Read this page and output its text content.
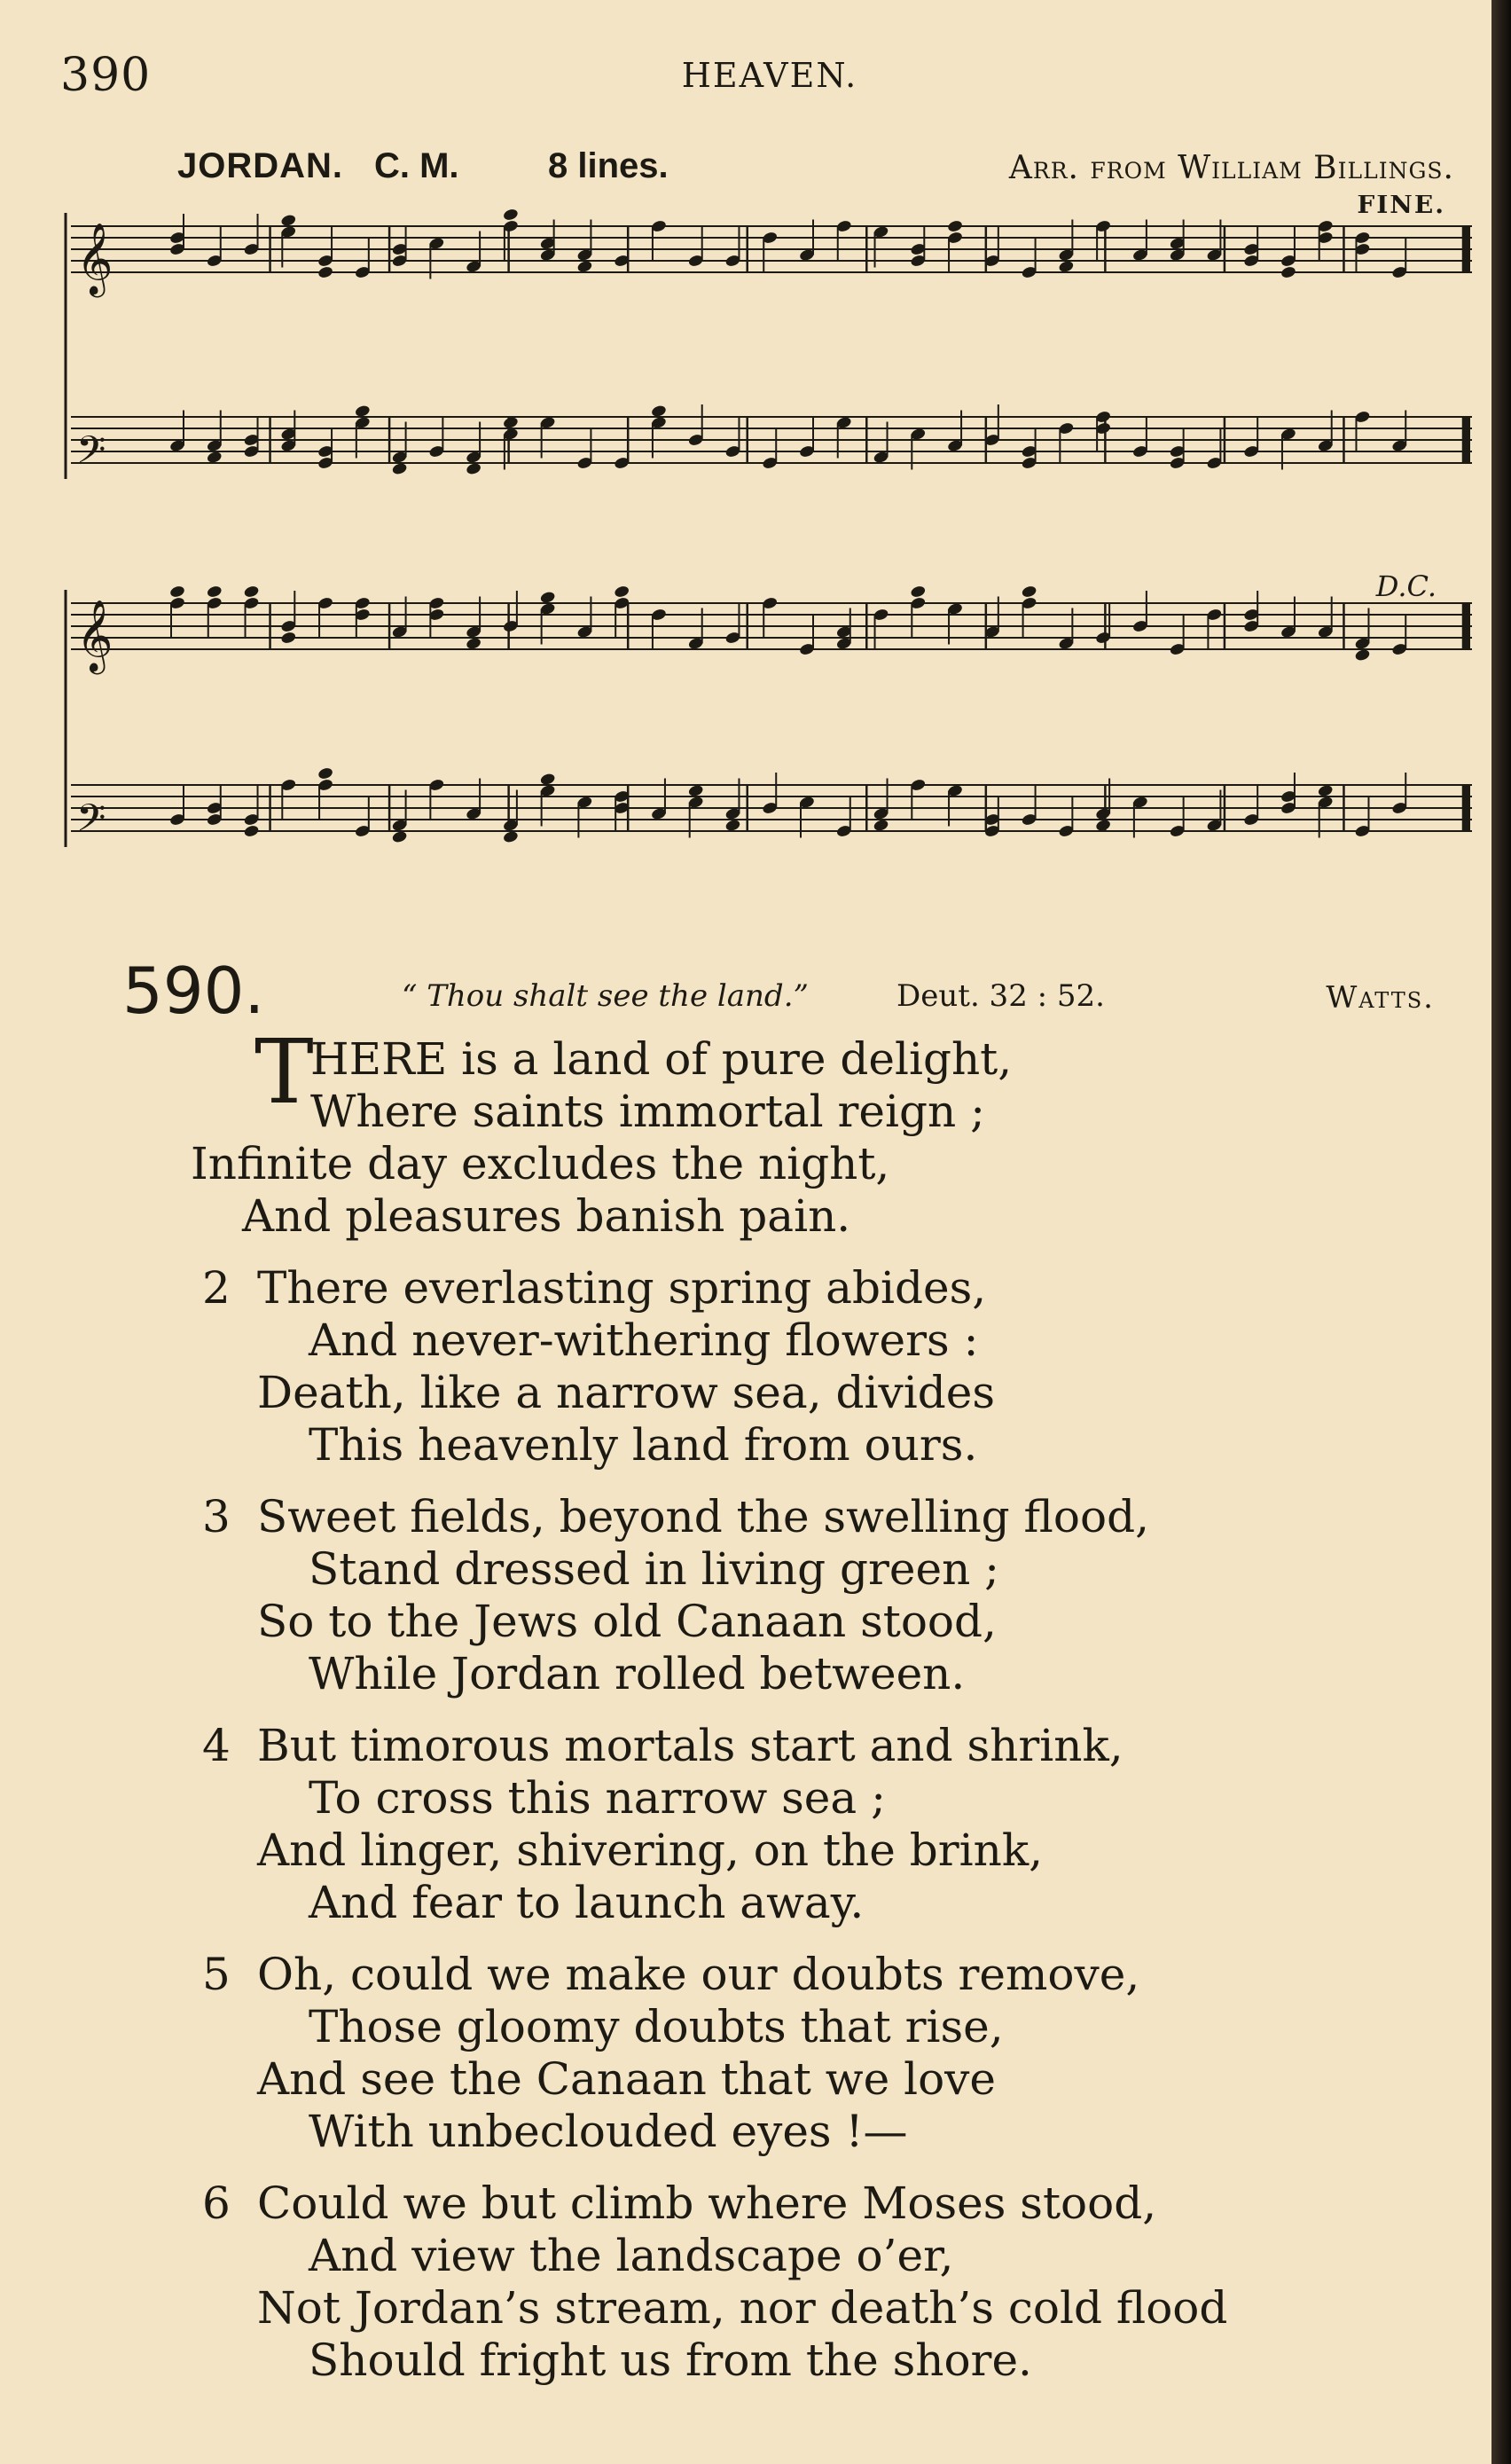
390	HEAVEN.
JORDAN. C. M.	8 lines.	Arr. from William Billings.
FINE.
D.C.
𝄞
𝄢
𝄞
𝄢
590.	“ Thou shalt see the land.”	Deut. 32 : 52.	Watts.
T
HERE is a land of pure delight,
Where saints immortal reign ;
Infinite day excludes the night,
And pleasures banish pain.
2 There everlasting spring abides,
And never-withering flowers :
Death, like a narrow sea, divides
This heavenly land from ours.
3 Sweet fields, beyond the swelling flood,
Stand dressed in living green ;
So to the Jews old Canaan stood,
While Jordan rolled between.
4 But timorous mortals start and shrink,
To cross this narrow sea ;
And linger, shivering, on the brink,
And fear to launch away.
5 Oh, could we make our doubts remove,
Those gloomy doubts that rise,
And see the Canaan that we love
With unbeclouded eyes !—
6 Could we but climb where Moses stood,
And view the landscape o’er,
Not Jordan’s stream, nor death’s cold flood
Should fright us from the shore.
